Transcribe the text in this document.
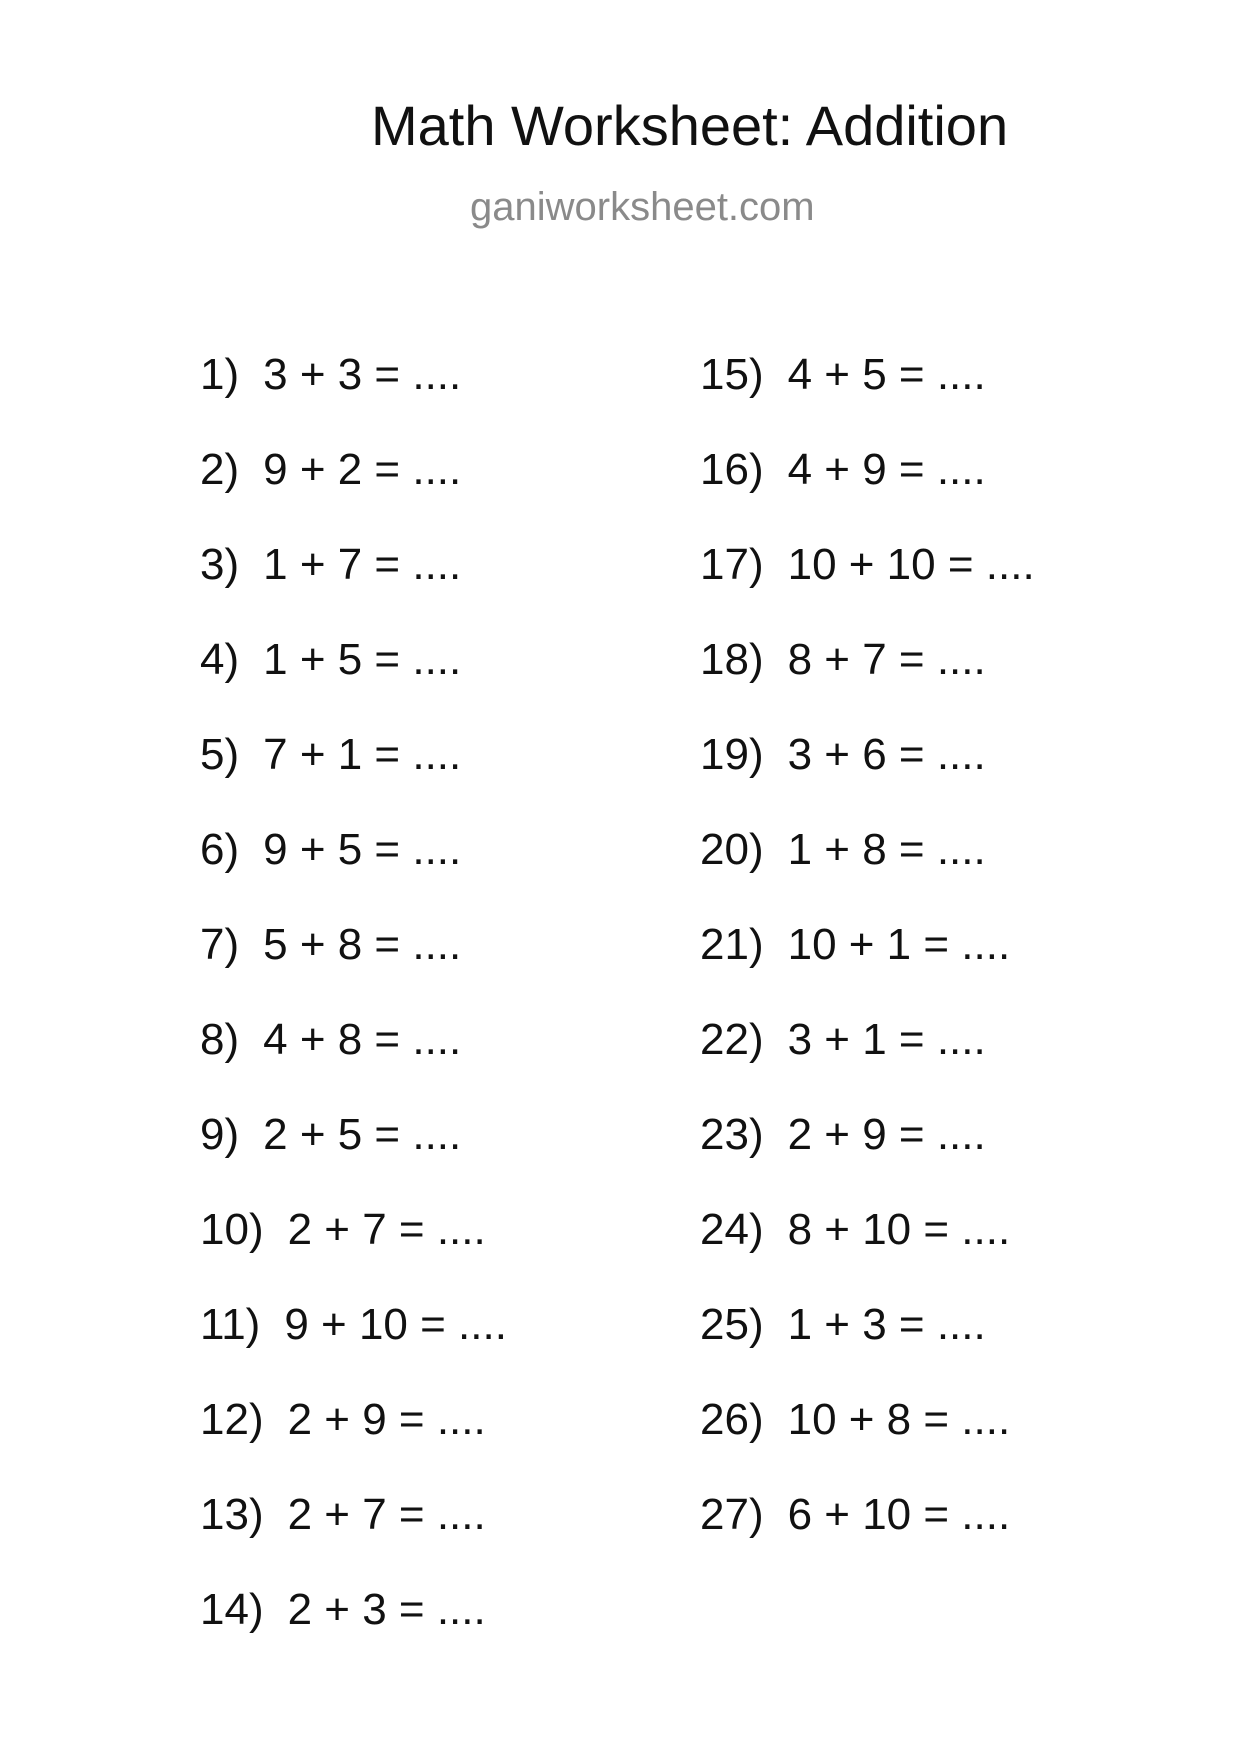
Math Worksheet: Addition
ganiworksheet.com
1) 3 + 3 = ....
2) 9 + 2 = ....
3) 1 + 7 = ....
4) 1 + 5 = ....
5) 7 + 1 = ....
6) 9 + 5 = ....
7) 5 + 8 = ....
8) 4 + 8 = ....
9) 2 + 5 = ....
10) 2 + 7 = ....
11) 9 + 10 = ....
12) 2 + 9 = ....
13) 2 + 7 = ....
14) 2 + 3 = ....
15) 4 + 5 = ....
16) 4 + 9 = ....
17) 10 + 10 = ....
18) 8 + 7 = ....
19) 3 + 6 = ....
20) 1 + 8 = ....
21) 10 + 1 = ....
22) 3 + 1 = ....
23) 2 + 9 = ....
24) 8 + 10 = ....
25) 1 + 3 = ....
26) 10 + 8 = ....
27) 6 + 10 = ....
